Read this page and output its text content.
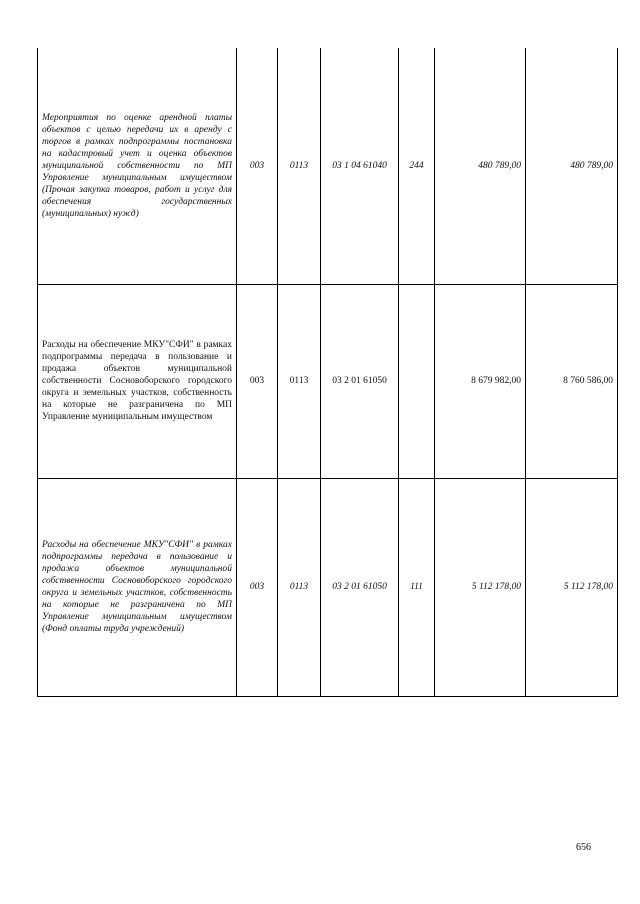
Мероприятия по оценке арендной платы объектов с целью передачи их в аренду с торгов в рамках подпрограммы постановка на кадастровый учет и оценка объектов муниципальной собственности по МП Управление муниципальным имуществом (Прочая закупка товаров, работ и услуг для обеспечения государственных (муниципальных) нужд)	003	0113	03 1 04 61040	244	480 789,00	480 789,00

Расходы на обеспечение МКУ"СФИ" в рамках подпрограммы передача в пользование и продажа объектов муниципальной собственности Сосновоборского городского округа и земельных участков, собственность на которые не разграничена по МП Управление муниципальным имуществом	003	0113	03 2 01 61050		8 679 982,00	8 760 586,00

Расходы на обеспечение МКУ"СФИ" в рамках подпрограммы передача в пользование и продажа объектов муниципальной собственности Сосновоборского городского округа и земельных участков, собственность на которые не разграничена по МП Управление муниципальным имуществом (Фонд оплаты труда учреждений)	003	0113	03 2 01 61050	111	5 112 178,00	5 112 178,00
656
